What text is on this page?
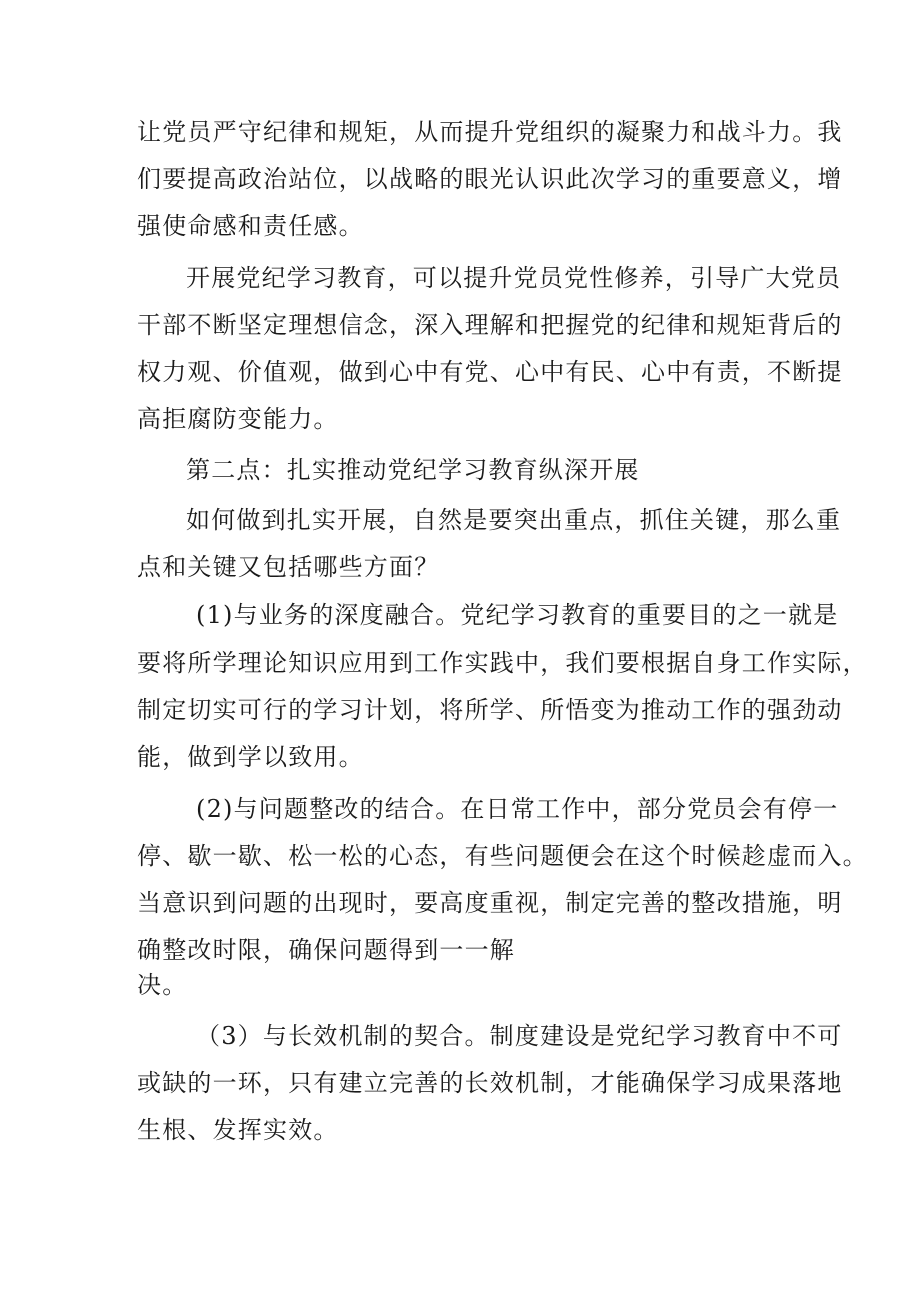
让党员严守纪律和规矩，从而提升党组织的凝聚力和战斗力。我
们要提高政治站位，以战略的眼光认识此次学习的重要意义，增
强使命感和责任感。
开展党纪学习教育，可以提升党员党性修养，引导广大党员
干部不断坚定理想信念，深入理解和把握党的纪律和规矩背后的
权力观、价值观，做到心中有党、心中有民、心中有责，不断提
高拒腐防变能力。
第二点：扎实推动党纪学习教育纵深开展
如何做到扎实开展，自然是要突出重点，抓住关键，那么重
点和关键又包括哪些方面？
(1)与业务的深度融合。党纪学习教育的重要目的之一就是
要将所学理论知识应用到工作实践中，我们要根据自身工作实际，
制定切实可行的学习计划，将所学、所悟变为推动工作的强劲动
能，做到学以致用。
(2)与问题整改的结合。在日常工作中，部分党员会有停一
停、歇一歇、松一松的心态，有些问题便会在这个时候趁虚而入。
当意识到问题的出现时，要高度重视，制定完善的整改措施，明
确整改时限，确保问题得到一一解
决。
（3）与长效机制的契合。制度建设是党纪学习教育中不可
或缺的一环，只有建立完善的长效机制，才能确保学习成果落地
生根、发挥实效。
